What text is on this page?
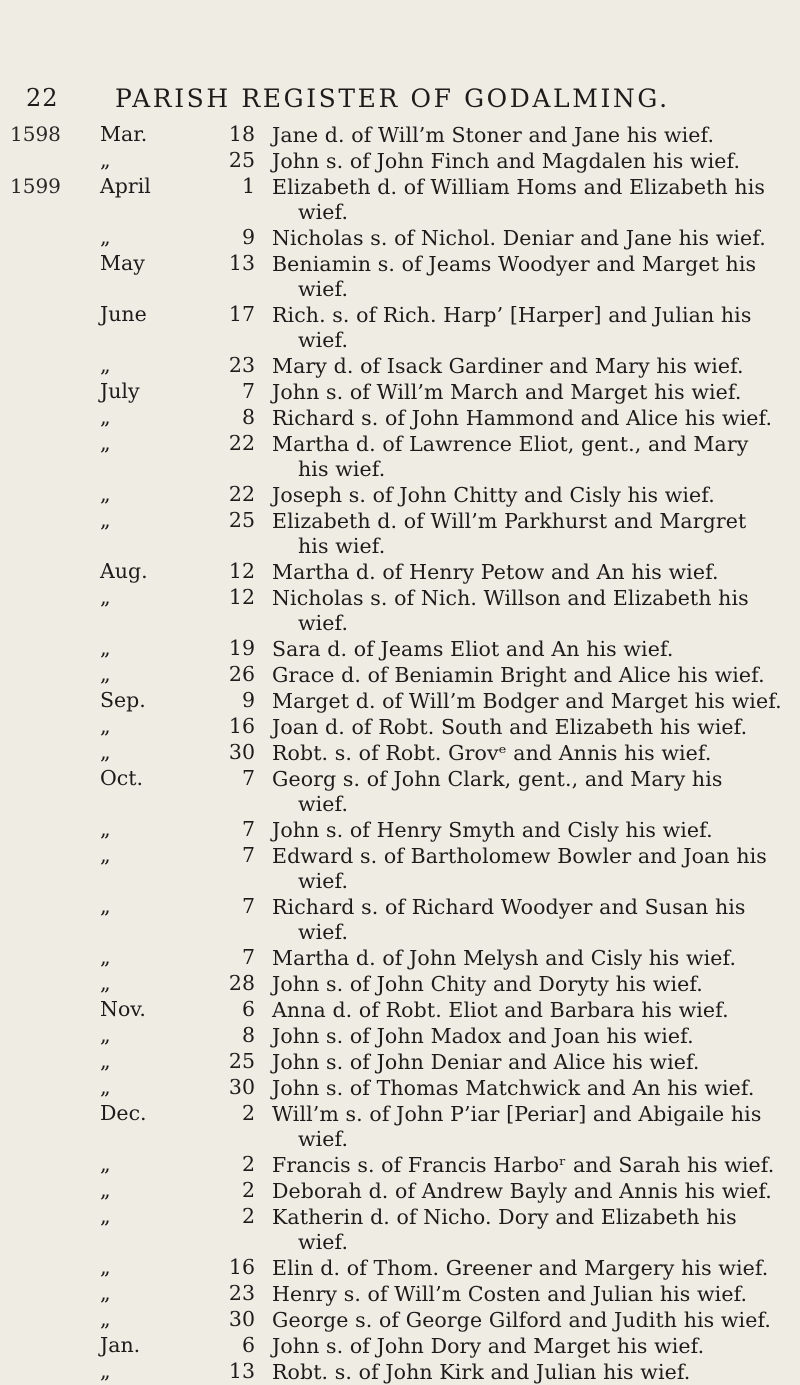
22 PARISH REGISTER OF GODALMING.
1598	Mar.	18 Jane d. of Will’m Stoner and Jane his wief.
„	25 John s. of John Finch and Magdalen his wief.
1599	April	1 Elizabeth d. of William Homs and Elizabeth his
wief.
„	9 Nicholas s. of Nichol. Deniar and Jane his wief.
May	13 Beniamin s. of Jeams Woodyer and Marget his
wief.
June	17 Rich. s. of Rich. Harp’ [Harper] and Julian his
wief.
„	23 Mary d. of Isack Gardiner and Mary his wief.
July	7 John s. of Will’m March and Marget his wief.
„	8 Richard s. of John Hammond and Alice his wief.
„	22 Martha d. of Lawrence Eliot, gent., and Mary
his wief.
„	22 Joseph s. of John Chitty and Cisly his wief.
„	25 Elizabeth d. of Will’m Parkhurst and Margret
his wief.
Aug.	12 Martha d. of Henry Petow and An his wief.
„	12 Nicholas s. of Nich. Willson and Elizabeth his
wief.
„	19 Sara d. of Jeams Eliot and An his wief.
„	26 Grace d. of Beniamin Bright and Alice his wief.
Sep.	9 Marget d. of Will’m Bodger and Marget his wief.
„	16 Joan d. of Robt. South and Elizabeth his wief.
„	30 Robt. s. of Robt. Grovᵉ and Annis his wief.
Oct.	7 Georg s. of John Clark, gent., and Mary his
wief.
„	7 John s. of Henry Smyth and Cisly his wief.
„	7 Edward s. of Bartholomew Bowler and Joan his
wief.
„	7 Richard s. of Richard Woodyer and Susan his
wief.
„	7 Martha d. of John Melysh and Cisly his wief.
„	28 John s. of John Chity and Doryty his wief.
Nov.	6 Anna d. of Robt. Eliot and Barbara his wief.
„	8 John s. of John Madox and Joan his wief.
„	25 John s. of John Deniar and Alice his wief.
„	30 John s. of Thomas Matchwick and An his wief.
Dec.	2 Will’m s. of John P’iar [Periar] and Abigaile his
wief.
„	2 Francis s. of Francis Harboʳ and Sarah his wief.
„	2 Deborah d. of Andrew Bayly and Annis his wief.
„	2 Katherin d. of Nicho. Dory and Elizabeth his
wief.
„	16 Elin d. of Thom. Greener and Margery his wief.
„	23 Henry s. of Will’m Costen and Julian his wief.
„	30 George s. of George Gilford and Judith his wief.
Jan.	6 John s. of John Dory and Marget his wief.
„	13 Robt. s. of John Kirk and Julian his wief.
